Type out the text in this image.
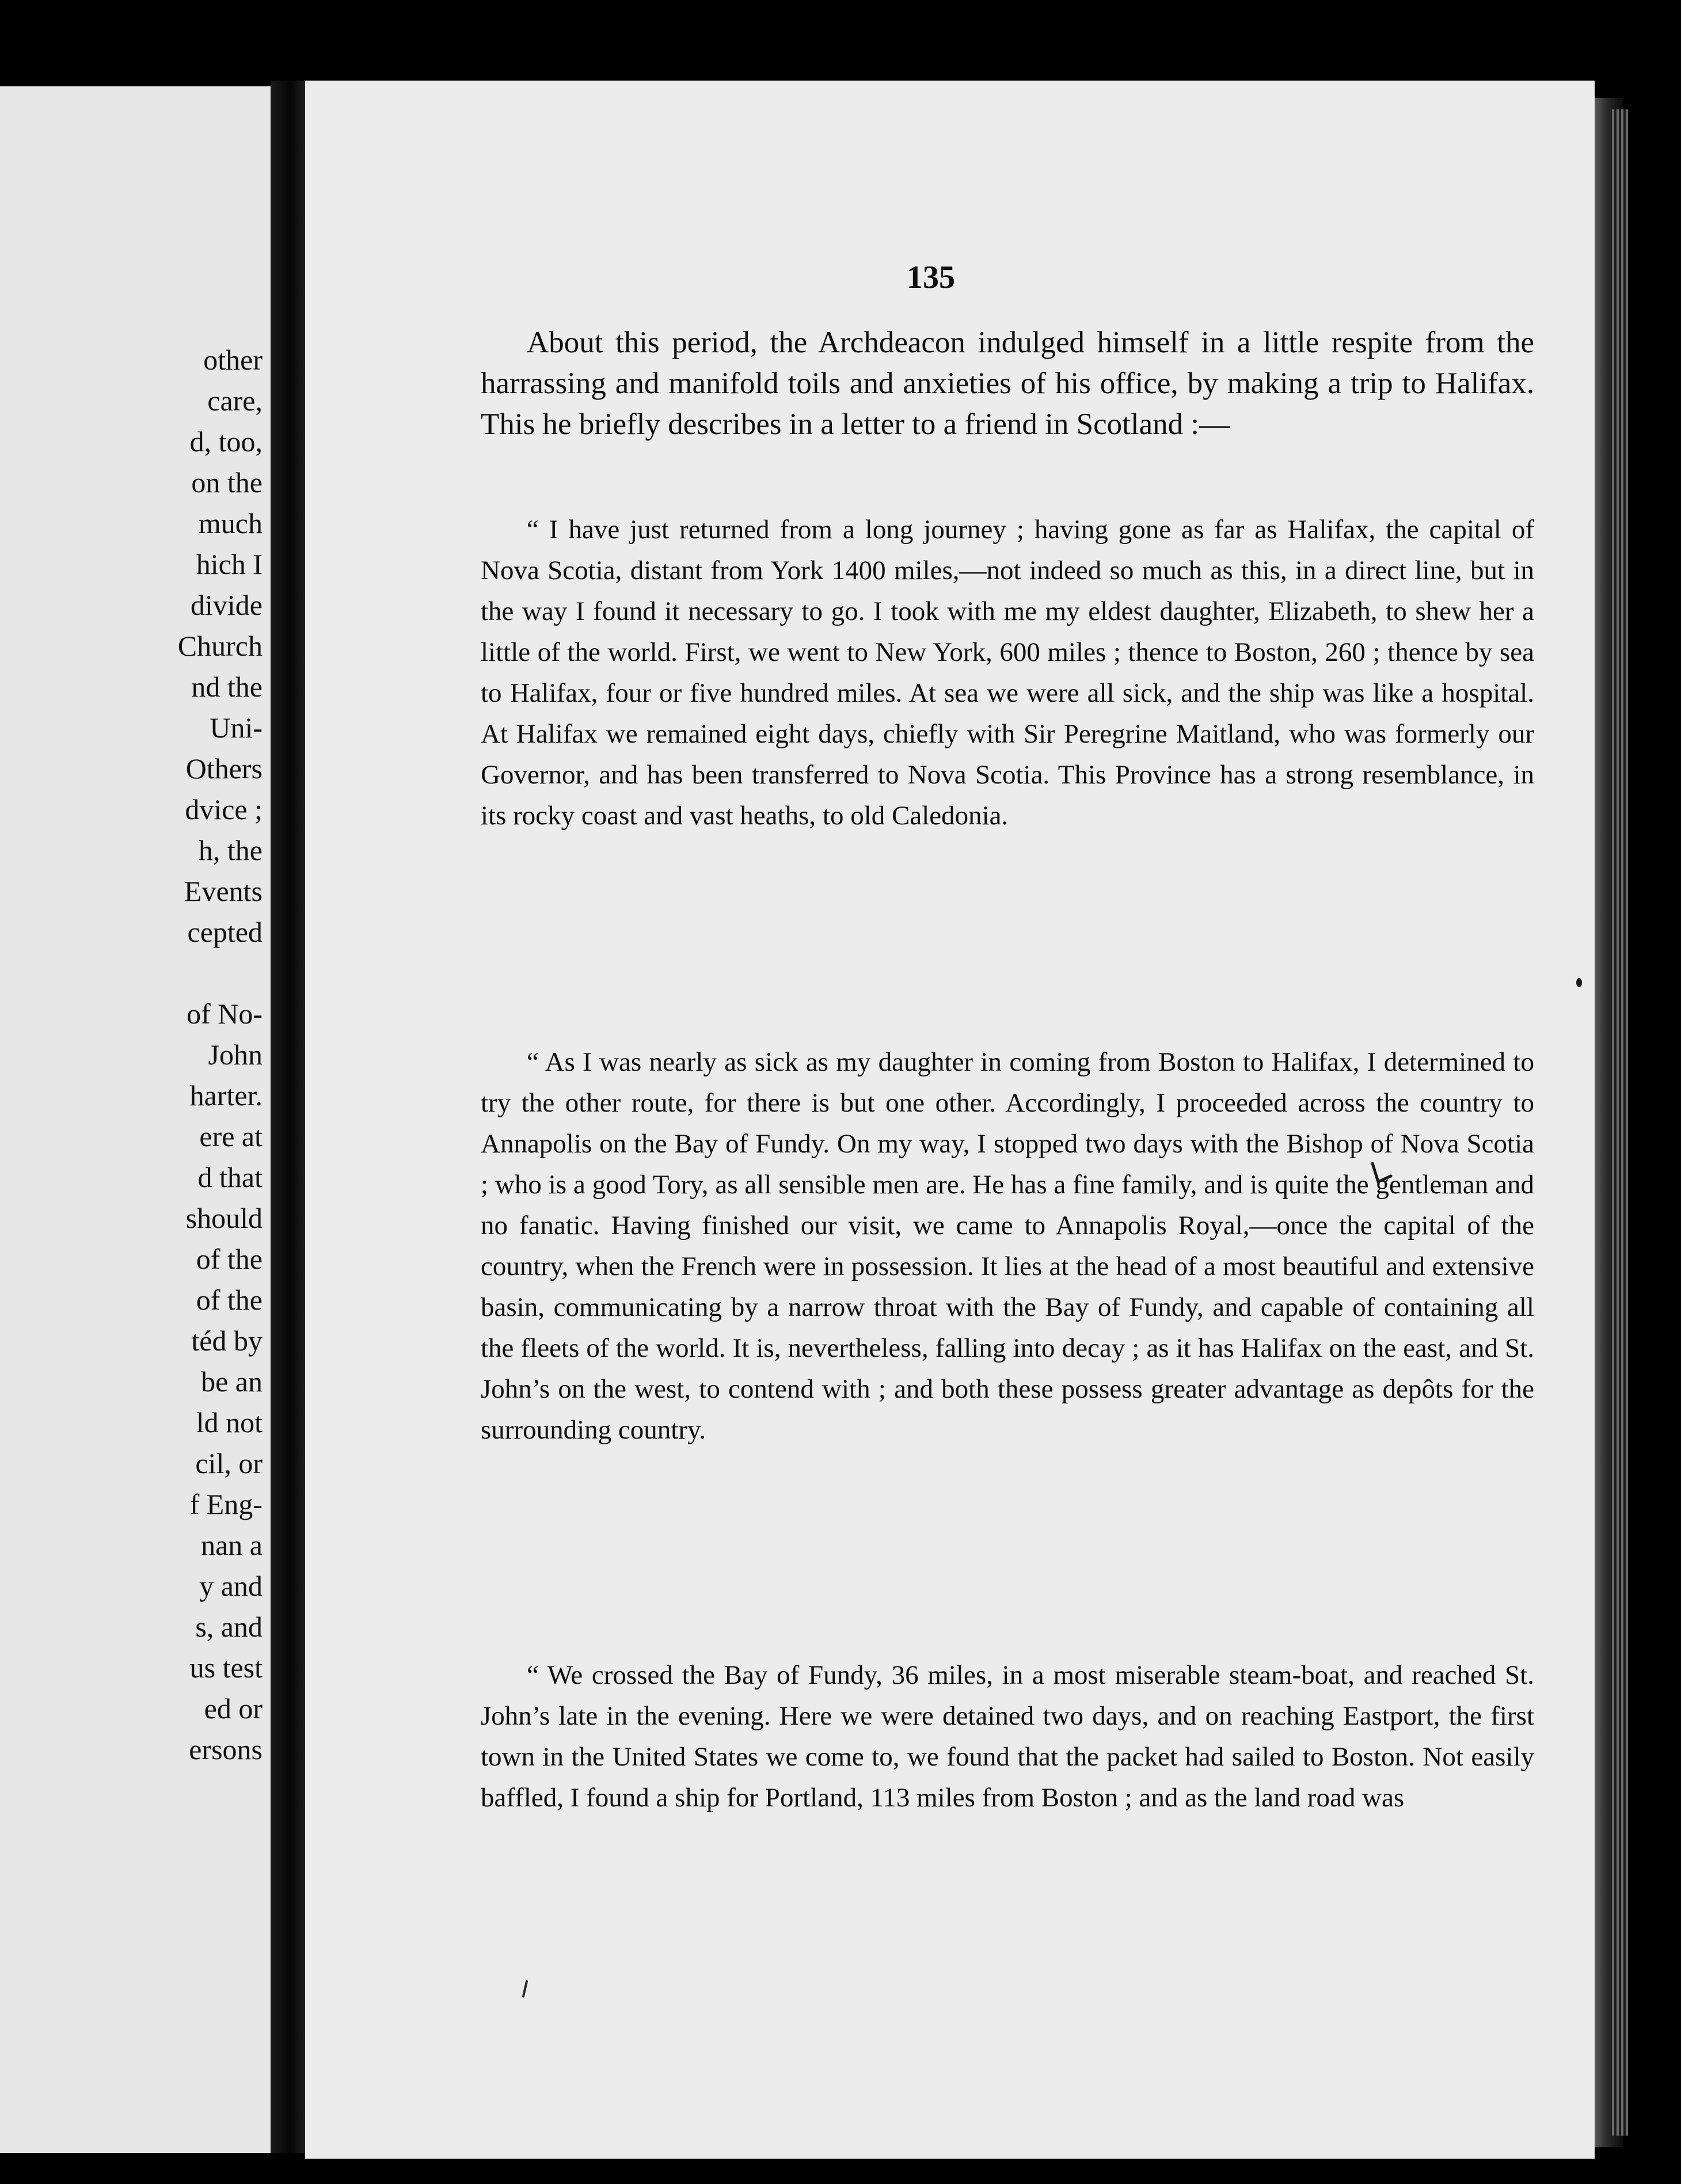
other
care,
d, too,
on the
much
hich I
divide
Church
nd the
Uni-
Others
dvice ;
h, the
Events
cepted

of No-
John
harter.
ere at
d that
should
of the
of the
téd by
be an
ld not
cil, or
f Eng-
nan a
y and
s, and
us test
ed or
ersons
135
About this period, the Archdeacon indulged himself in a little respite from the harrassing and manifold toils and anxieties of his office, by making a trip to Halifax. This he briefly describes in a letter to a friend in Scotland :—
“ I have just returned from a long journey ; having gone as far as Halifax, the capital of Nova Scotia, distant from York 1400 miles,—not indeed so much as this, in a direct line, but in the way I found it necessary to go. I took with me my eldest daughter, Elizabeth, to shew her a little of the world. First, we went to New York, 600 miles ; thence to Boston, 260 ; thence by sea to Halifax, four or five hundred miles. At sea we were all sick, and the ship was like a hospital. At Halifax we remained eight days, chiefly with Sir Peregrine Maitland, who was formerly our Governor, and has been transferred to Nova Scotia. This Province has a strong resemblance, in its rocky coast and vast heaths, to old Caledonia.
“ As I was nearly as sick as my daughter in coming from Boston to Halifax, I determined to try the other route, for there is but one other. Accordingly, I proceeded across the country to Annapolis on the Bay of Fundy. On my way, I stopped two days with the Bishop of Nova Scotia ; who is a good Tory, as all sensible men are. He has a fine family, and is quite the gentleman and no fanatic. Having finished our visit, we came to Annapolis Royal,—once the capital of the country, when the French were in possession. It lies at the head of a most beautiful and extensive basin, communicating by a narrow throat with the Bay of Fundy, and capable of containing all the fleets of the world. It is, nevertheless, falling into decay ; as it has Halifax on the east, and St. John’s on the west, to contend with ; and both these possess greater advantage as depôts for the surrounding country.
“ We crossed the Bay of Fundy, 36 miles, in a most miserable steam-boat, and reached St. John’s late in the evening. Here we were detained two days, and on reaching Eastport, the first town in the United States we come to, we found that the packet had sailed to Boston. Not easily baffled, I found a ship for Portland, 113 miles from Boston ; and as the land road was
